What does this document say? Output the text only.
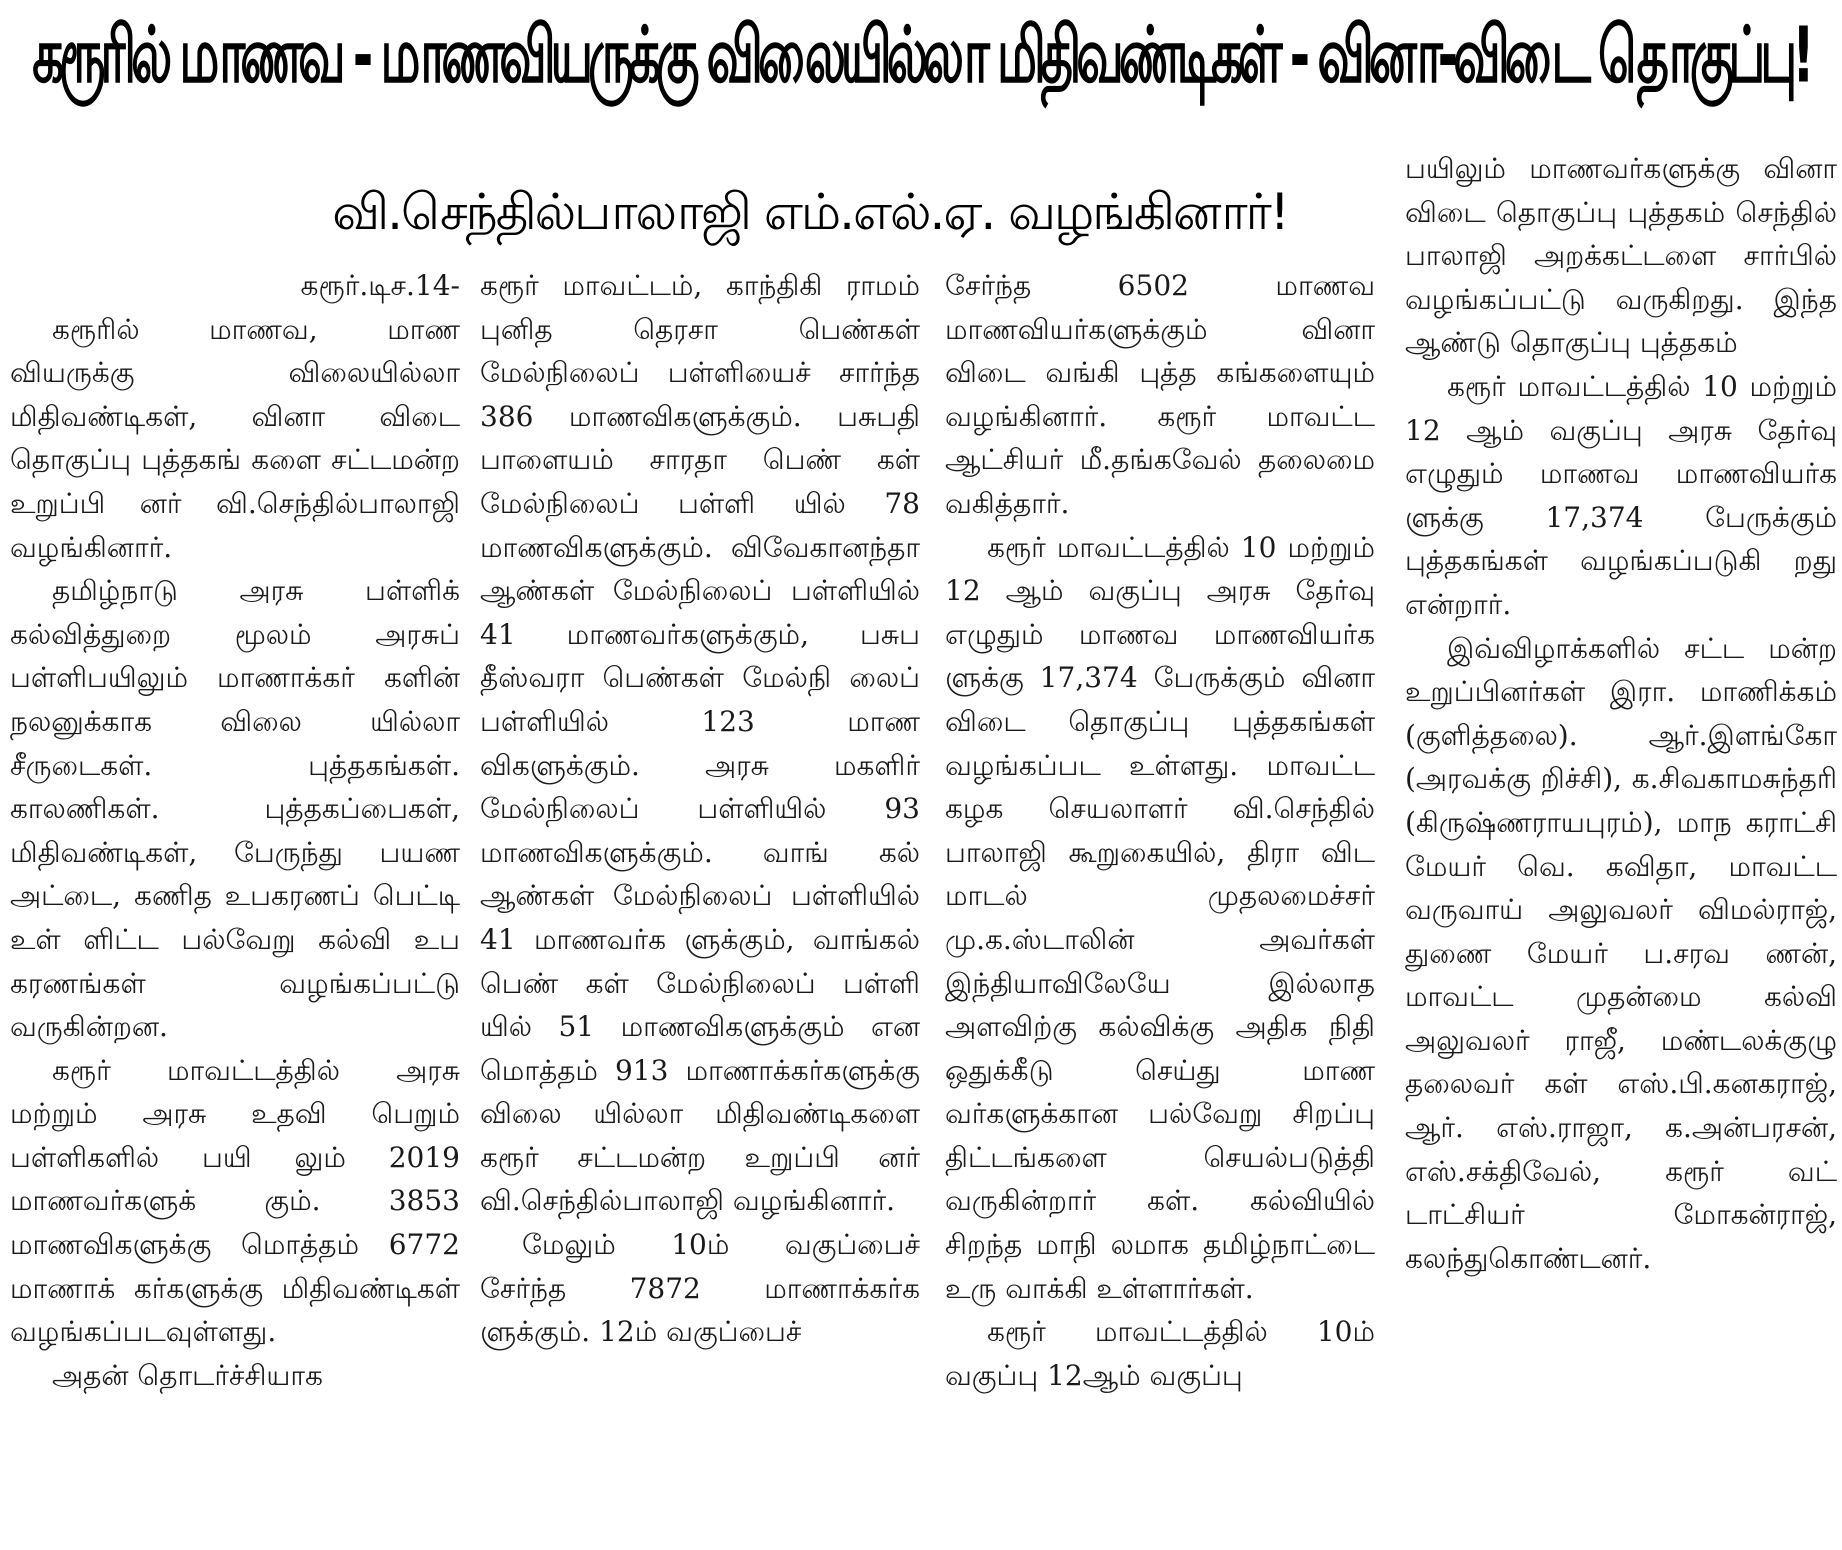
கரூரில் மாணவ - மாணவியருக்கு விலையில்லா மிதிவண்டிகள் - வினா-விடை தொகுப்பு!
வி.செந்தில்பாலாஜி எம்.எல்.ஏ. வழங்கினார்!
கரூர்.டிச.14-

கரூரில் மாணவ, மாண வியருக்கு விலையில்லா மிதிவண்டிகள், வினா விடை தொகுப்பு புத்தகங் களை சட்டமன்ற உறுப்பி னர் வி.செந்தில்பாலாஜி வழங்கினார்.

தமிழ்நாடு அரசு பள்ளிக் கல்வித்துறை மூலம் அரசுப் பள்ளிபயிலும் மாணாக்கர் களின் நலனுக்காக விலை யில்லா சீருடைகள். புத்தகங்கள். காலணிகள். புத்தகப்பைகள், மிதிவண்டிகள், பேருந்து பயண அட்டை, கணித உபகரணப் பெட்டி உள் ளிட்ட பல்வேறு கல்வி உப கரணங்கள் வழங்கப்பட்டு வருகின்றன.

கரூர் மாவட்டத்தில் அரசு மற்றும் அரசு உதவி பெறும் பள்ளிகளில் பயி லும் 2019 மாணவர்களுக் கும். 3853 மாணவிகளுக்கு மொத்தம் 6772 மாணாக் கர்களுக்கு மிதிவண்டிகள் வழங்கப்படவுள்ளது.

அதன் தொடர்ச்சியாக

கரூர் மாவட்டம், காந்திகி ராமம் புனித தெரசா பெண்கள் மேல்நிலைப் பள்ளியைச் சார்ந்த 386 மாணவிகளுக்கும். பசுபதி பாளையம் சாரதா பெண் கள் மேல்நிலைப் பள்ளி யில் 78 மாணவிகளுக்கும். விவேகானந்தா ஆண்கள் மேல்நிலைப் பள்ளியில் 41 மாணவர்களுக்கும், பசுப தீஸ்வரா பெண்கள் மேல்நி லைப் பள்ளியில் 123 மாண விகளுக்கும். அரசு மகளிர் மேல்நிலைப் பள்ளியில் 93 மாணவிகளுக்கும். வாங் கல் ஆண்கள் மேல்நிலைப் பள்ளியில் 41 மாணவர்க ளுக்கும், வாங்கல் பெண் கள் மேல்நிலைப் பள்ளி யில் 51 மாணவிகளுக்கும் என மொத்தம் 913 மாணாக்கர்களுக்கு விலை யில்லா மிதிவண்டிகளை கரூர் சட்டமன்ற உறுப்பி னர் வி.செந்தில்பாலாஜி வழங்கினார்.

மேலும் 10ம் வகுப்பைச் சேர்ந்த 7872 மாணாக்கர்க ளுக்கும். 12ம் வகுப்பைச்

சேர்ந்த 6502 மாணவ மாணவியர்களுக்கும் வினா விடை வங்கி புத்த கங்களையும் வழங்கினார். கரூர் மாவட்ட ஆட்சியர் மீ.தங்கவேல் தலைமை வகித்தார்.

கரூர் மாவட்டத்தில் 10 மற்றும் 12 ஆம் வகுப்பு அரசு தேர்வு எழுதும் மாணவ மாணவியர்க ளுக்கு 17,374 பேருக்கும் வினா விடை தொகுப்பு புத்தகங்கள் வழங்கப்பட உள்ளது. மாவட்ட கழக செயலாளர் வி.செந்தில் பாலாஜி கூறுகையில், திரா விட மாடல் முதலமைச்சர் மு.க.ஸ்டாலின் அவர்கள் இந்தியாவிலேயே இல்லாத அளவிற்கு கல்விக்கு அதிக நிதி ஒதுக்கீடு செய்து மாண வர்களுக்கான பல்வேறு சிறப்பு திட்டங்களை செயல்படுத்தி வருகின்றார் கள். கல்வியில் சிறந்த மாநி லமாக தமிழ்நாட்டை உரு வாக்கி உள்ளார்கள்.

கரூர் மாவட்டத்தில் 10ம் வகுப்பு 12ஆம் வகுப்பு

பயிலும் மாணவர்களுக்கு வினா விடை தொகுப்பு புத்தகம் செந்தில் பாலாஜி அறக்கட்டளை சார்பில் வழங்கப்பட்டு வருகிறது. இந்த ஆண்டு தொகுப்பு புத்தகம்

கரூர் மாவட்டத்தில் 10 மற்றும் 12 ஆம் வகுப்பு அரசு தேர்வு எழுதும் மாணவ மாணவியர்க ளுக்கு 17,374 பேருக்கும் புத்தகங்கள் வழங்கப்படுகி றது என்றார்.

இவ்விழாக்களில் சட்ட மன்ற உறுப்பினர்கள் இரா. மாணிக்கம் (குளித்தலை). ஆர்.இளங்கோ (அரவக்கு றிச்சி), க.சிவகாமசுந்தரி (கிருஷ்ணராயபுரம்), மாந கராட்சி மேயர் வெ. கவிதா, மாவட்ட வருவாய் அலுவலர் விமல்ராஜ், துணை மேயர் ப.சரவ ணன், மாவட்ட முதன்மை கல்வி அலுவலர் ராஜீ, மண்டலக்குழு தலைவர் கள் எஸ்.பி.கனகராஜ், ஆர். எஸ்.ராஜா, க.அன்பரசன், எஸ்.சக்திவேல், கரூர் வட் டாட்சியர் மோகன்ராஜ், கலந்துகொண்டனர்.
